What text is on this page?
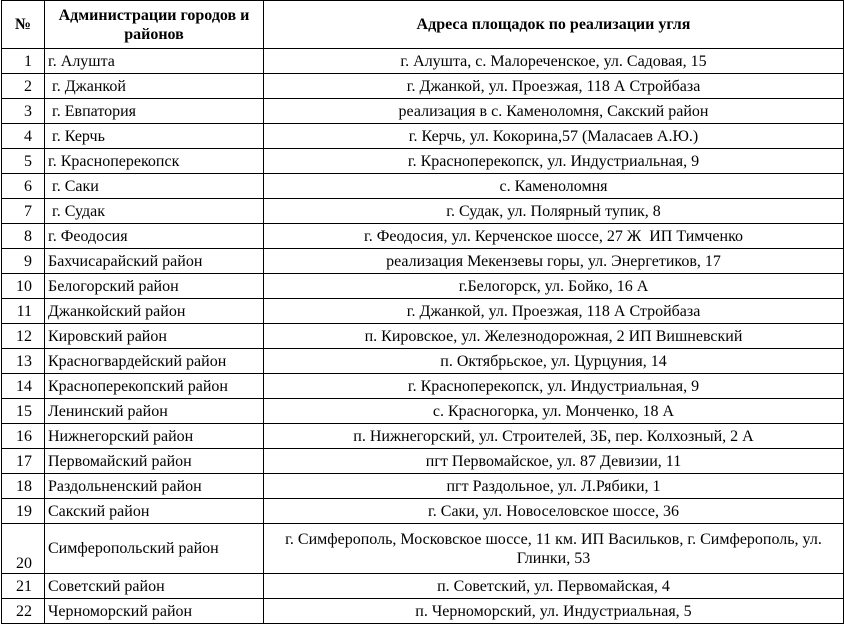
№	Администрации городов и районов	Адреса площадок по реализации угля
1	г. Алушта	г. Алушта, с. Малореченское, ул. Садовая, 15
2	г. Джанкой	г. Джанкой, ул. Проезжая, 118 А Стройбаза
3	г. Евпатория	реализация в с. Каменоломня, Сакский район
4	г. Керчь	г. Керчь, ул. Кокорина,57 (Маласаев А.Ю.)
5	г. Красноперекопск	г. Красноперекопск, ул. Индустриальная, 9
6	г. Саки	с. Каменоломня
7	г. Судак	г. Судак, ул. Полярный тупик, 8
8	г. Феодосия	г. Феодосия, ул. Керченское шоссе, 27 Ж  ИП Тимченко
9	Бахчисарайский район	реализация Мекензевы горы, ул. Энергетиков, 17
10	Белогорский район	г.Белогорск, ул. Бойко, 16 А
11	Джанкойский район	г. Джанкой, ул. Проезжая, 118 А Стройбаза
12	Кировский район	п. Кировское, ул. Железнодорожная, 2 ИП Вишневский
13	Красногвардейский район	п. Октябрьское, ул. Цурцуния, 14
14	Красноперекопский район	г. Красноперекопск, ул. Индустриальная, 9
15	Ленинский район	с. Красногорка, ул. Монченко, 18 А
16	Нижнегорский район	п. Нижнегорский, ул. Строителей, 3Б, пер. Колхозный, 2 А
17	Первомайский район	пгт Первомайское, ул. 87 Девизии, 11
18	Раздольненский район	пгт Раздольное, ул. Л.Рябики, 1
19	Сакский район	г. Саки, ул. Новоселовское шоссе, 36
20	Симферопольский район	г. Симферополь, Московское шоссе, 11 км. ИП Васильков, г. Симферополь, ул. Глинки, 53
21	Советский район	п. Советский, ул. Первомайская, 4
22	Черноморский район	п. Черноморский, ул. Индустриальная, 5
